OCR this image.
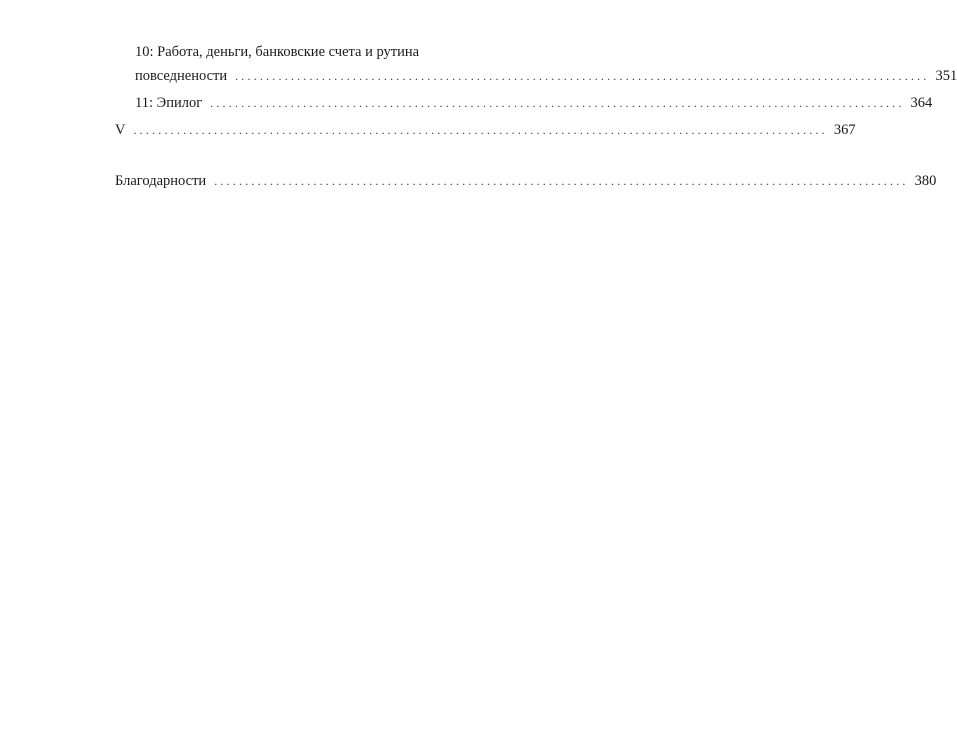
10: Работа, деньги, банковские счета и рутина
повседнености ................................................................................................................ 351
11: Эпилог ................................................................................................................ 364
V ................................................................................................................ 367
Благодарности ................................................................................................................ 380
